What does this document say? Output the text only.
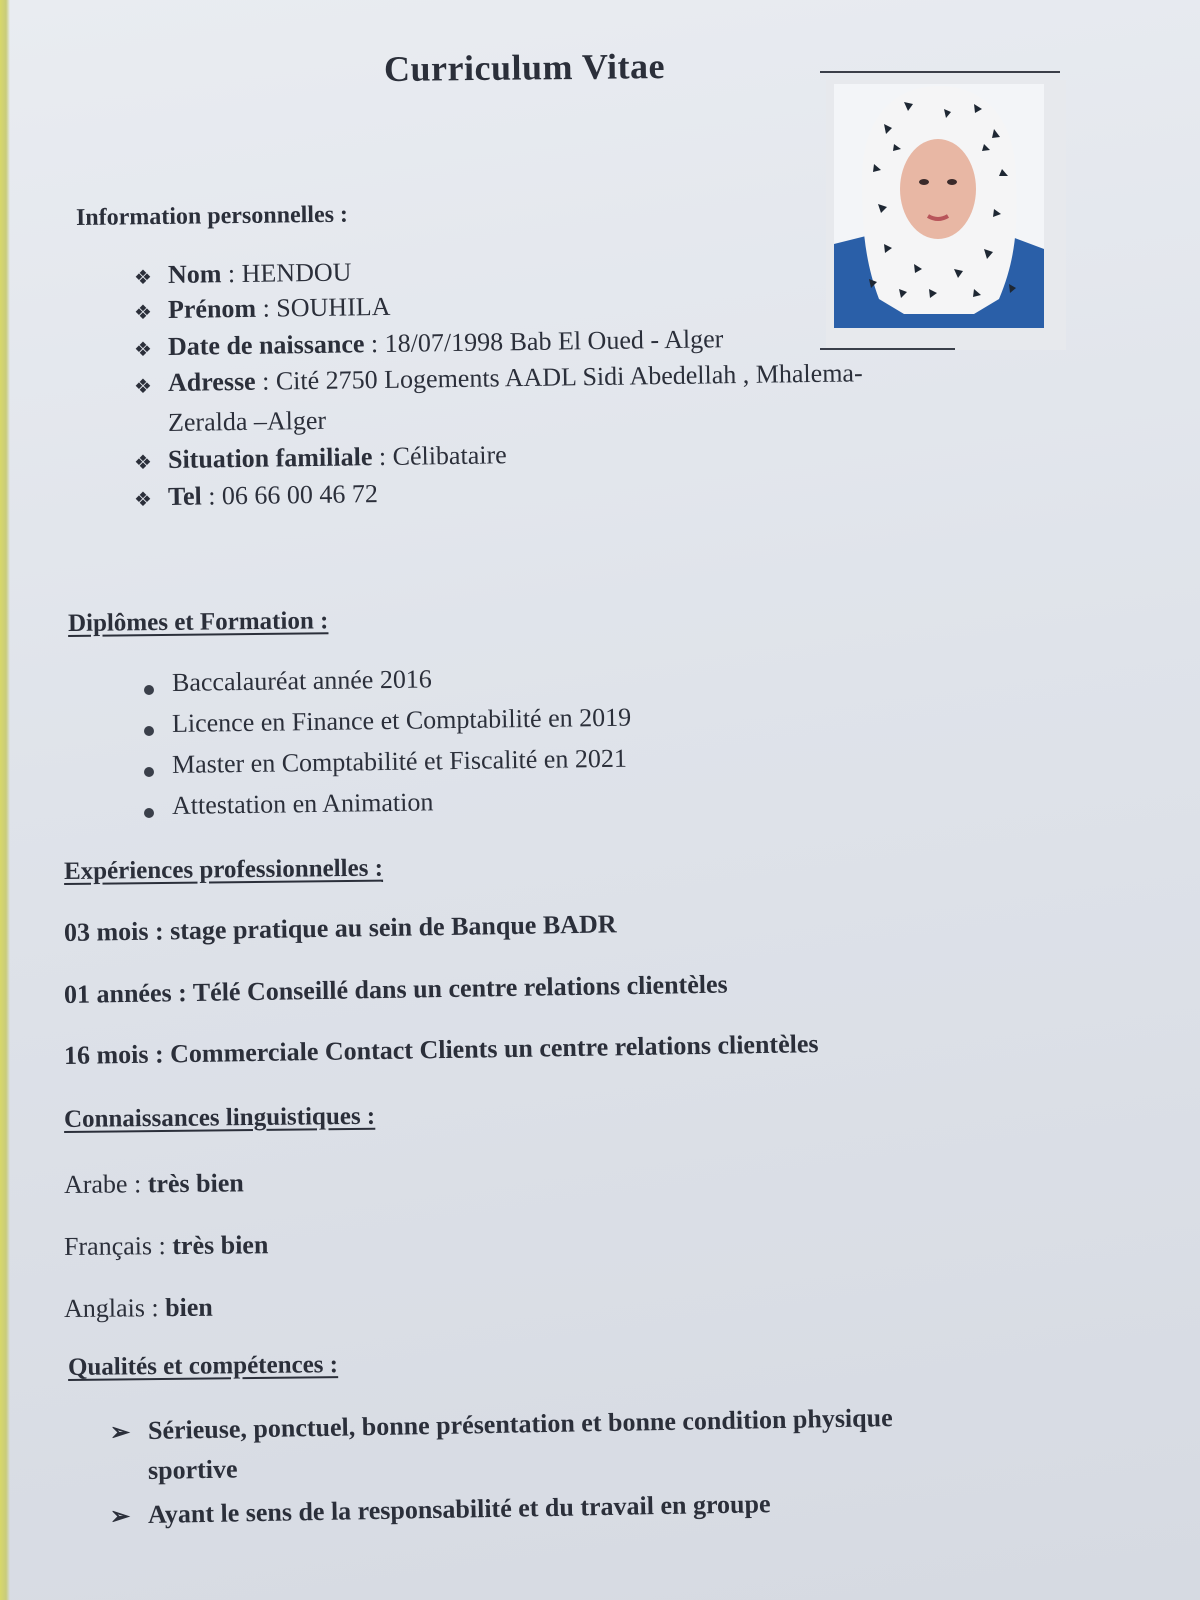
Curriculum Vitae
Information personnelles :
❖ Nom : HENDOU
❖ Prénom : SOUHILA
❖ Date de naissance : 18/07/1998 Bab El Oued - Alger
❖ Adresse : Cité 2750 Logements AADL Sidi Abedellah , Mhalema-
Zeralda –Alger
❖ Situation familiale : Célibataire
❖ Tel : 06 66 00 46 72
Diplômes et Formation :
Baccalauréat année 2016
Licence en Finance et Comptabilité en 2019
Master en Comptabilité et Fiscalité en 2021
Attestation en Animation
Expériences professionnelles :
03 mois : stage pratique au sein de Banque BADR
01 années : Télé Conseillé dans un centre relations clientèles
16 mois : Commerciale Contact Clients un centre relations clientèles
Connaissances linguistiques :
Arabe : très bien
Français : très bien
Anglais : bien
Qualités et compétences :
➢ Sérieuse, ponctuel, bonne présentation et bonne condition physique
sportive
➢ Ayant le sens de la responsabilité et du travail en groupe
